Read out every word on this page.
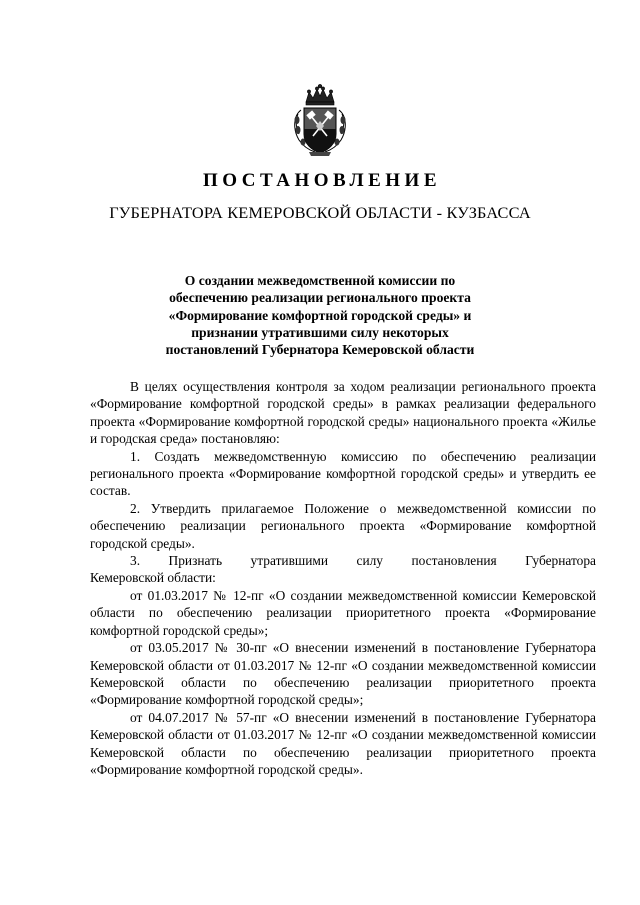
ПОСТАНОВЛЕНИЕ
ГУБЕРНАТОРА КЕМЕРОВСКОЙ ОБЛАСТИ - КУЗБАССА
О создании межведомственной комиссии по
обеспечению реализации регионального проекта
«Формирование комфортной городской среды» и
признании утратившими силу некоторых
постановлений Губернатора Кемеровской области

В целях осуществления контроля за ходом реализации регионального проекта «Формирование комфортной городской среды» в рамках реализации федерального проекта «Формирование комфортной городской среды» национального проекта «Жилье и городская среда» постановляю:

1. Создать межведомственную комиссию по обеспечению реализации регионального проекта «Формирование комфортной городской среды» и утвердить ее состав.

2. Утвердить прилагаемое Положение о межведомственной комиссии по обеспечению реализации регионального проекта «Формирование комфортной городской среды».

3. Признать утратившими силу постановления Губернатора

Кемеровской области:

от 01.03.2017 № 12-пг «О создании межведомственной комиссии Кемеровской области по обеспечению реализации приоритетного проекта «Формирование комфортной городской среды»;

от 03.05.2017 № 30-пг «О внесении изменений в постановление Губернатора Кемеровской области от 01.03.2017 № 12-пг «О создании межведомственной комиссии Кемеровской области по обеспечению реализации приоритетного проекта «Формирование комфортной городской среды»;

от 04.07.2017 № 57-пг «О внесении изменений в постановление Губернатора Кемеровской области от 01.03.2017 № 12-пг «О создании межведомственной комиссии Кемеровской области по обеспечению реализации приоритетного проекта «Формирование комфортной городской среды».
